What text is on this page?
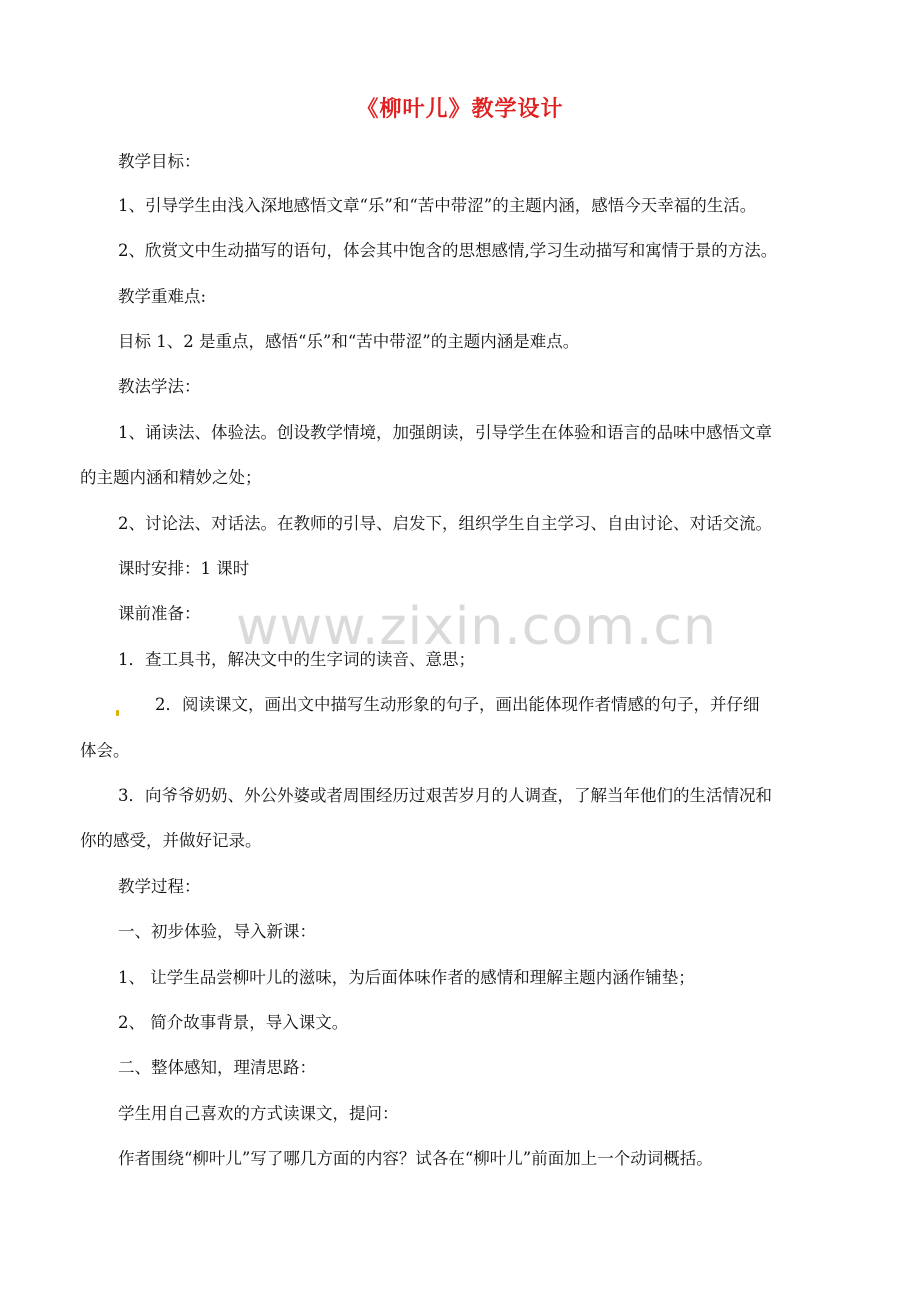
《柳叶儿》教学设计
教学目标：
1、引导学生由浅入深地感悟文章“乐”和“苦中带涩”的主题内涵，感悟今天幸福的生活。
2、欣赏文中生动描写的语句，体会其中饱含的思想感情,学习生动描写和寓情于景的方法。
教学重难点:
目标 1、2 是重点，感悟“乐”和“苦中带涩”的主题内涵是难点。
教法学法：
1、诵读法、体验法。创设教学情境，加强朗读，引导学生在体验和语言的品味中感悟文章
的主题内涵和精妙之处；
2、讨论法、对话法。在教师的引导、启发下，组织学生自主学习、自由讨论、对话交流。
课时安排：1 课时
课前准备： www.zixin.com.cn
1．查工具书，解决文中的生字词的读音、意思；
2．阅读课文，画出文中描写生动形象的句子，画出能体现作者情感的句子，并仔细
体会。
3．向爷爷奶奶、外公外婆或者周围经历过艰苦岁月的人调查，了解当年他们的生活情况和
你的感受，并做好记录。
教学过程：
一、初步体验，导入新课：
1、 让学生品尝柳叶儿的滋味，为后面体味作者的感情和理解主题内涵作铺垫；
2、 简介故事背景，导入课文。
二、整体感知，理清思路：
学生用自己喜欢的方式读课文，提问：
作者围绕“柳叶儿”写了哪几方面的内容？试各在“柳叶儿”前面加上一个动词概括。
